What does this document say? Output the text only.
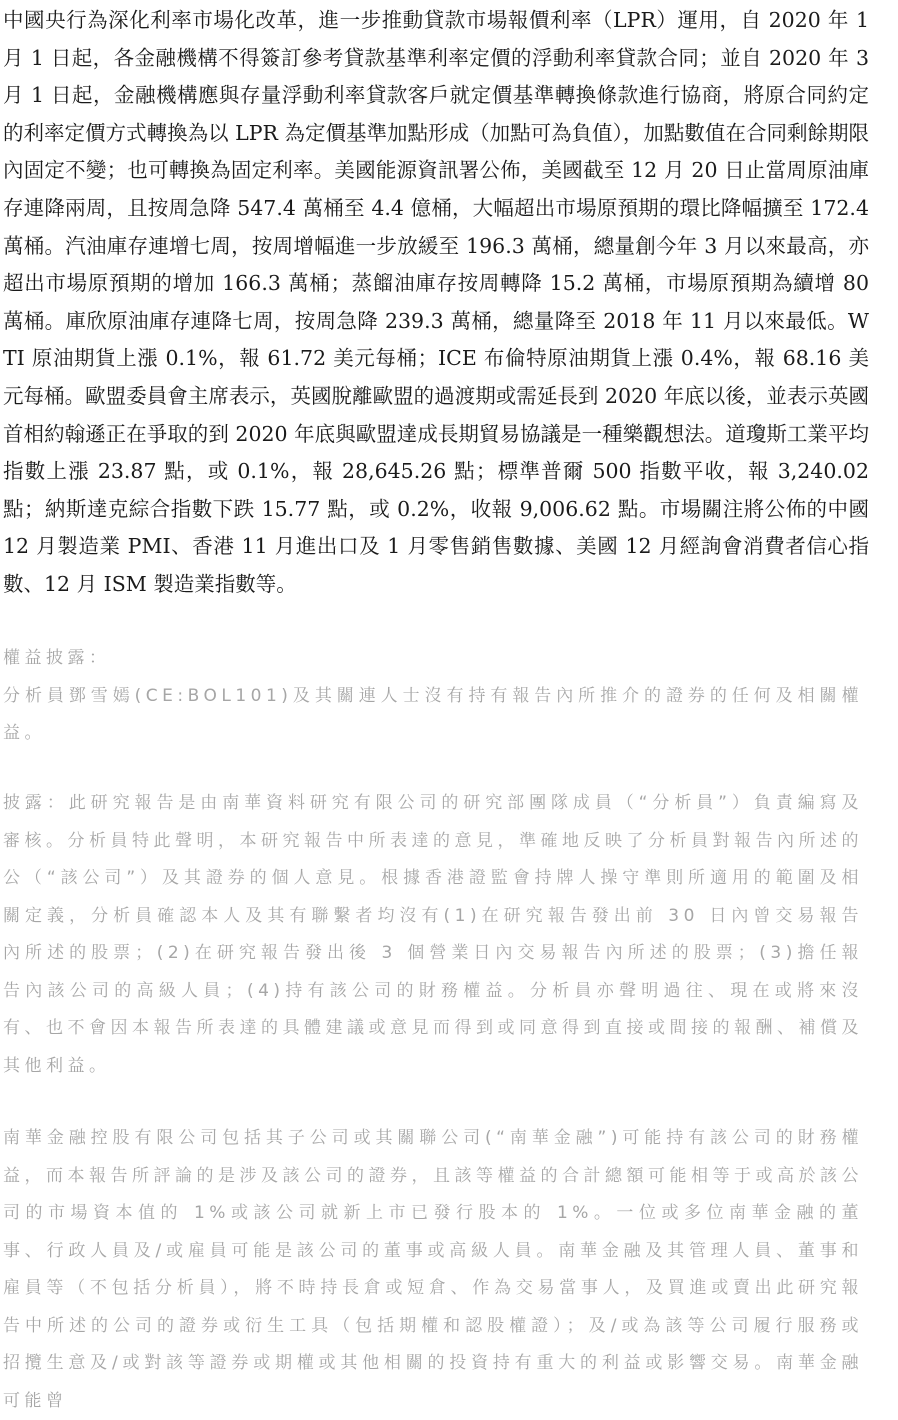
中國央行為深化利率市場化改革，進一步推動貸款市場報價利率（LPR）運用，自 2020 年 1 月 1 日起，各金融機構不得簽訂參考貸款基準利率定價的浮動利率貸款合同；並自 2020 年 3 月 1 日起，金融機構應與存量浮動利率貸款客戶就定價基準轉換條款進行協商，將原合同約定的利率定價方式轉換為以 LPR 為定價基準加點形成（加點可為負值），加點數值在合同剩餘期限內固定不變；也可轉換為固定利率。美國能源資訊署公佈，美國截至 12 月 20 日止當周原油庫存連降兩周，且按周急降 547.4 萬桶至 4.4 億桶，大幅超出市場原預期的環比降幅擴至 172.4 萬桶。汽油庫存連增七周，按周增幅進一步放緩至 196.3 萬桶，總量創今年 3 月以來最高，亦超出市場原預期的增加 166.3 萬桶；蒸餾油庫存按周轉降 15.2 萬桶，市場原預期為續增 80 萬桶。庫欣原油庫存連降七周，按周急降 239.3 萬桶，總量降至 2018 年 11 月以來最低。WTI 原油期貨上漲 0.1%，報 61.72 美元每桶；ICE 布倫特原油期貨上漲 0.4%，報 68.16 美元每桶。歐盟委員會主席表示，英國脫離歐盟的過渡期或需延長到 2020 年底以後，並表示英國首相約翰遜正在爭取的到 2020 年底與歐盟達成長期貿易協議是一種樂觀想法。道瓊斯工業平均指數上漲 23.87 點，或 0.1%，報 28,645.26 點；標準普爾 500 指數平收，報 3,240.02 點；納斯達克綜合指數下跌 15.77 點，或 0.2%，收報 9,006.62 點。市場關注將公佈的中國 12 月製造業 PMI、香港 11 月進出口及 1 月零售銷售數據、美國 12 月經詢會消費者信心指數、12 月 ISM 製造業指數等。

權益披露：
分析員鄧雪嫣(CE:BOL101)及其關連人士沒有持有報告內所推介的證券的任何及相關權益。

披露：此研究報告是由南華資料研究有限公司的研究部團隊成員（“分析員”）負責編寫及審核。分析員特此聲明，本研究報告中所表達的意見，準確地反映了分析員對報告內所述的公（“該公司”）及其證券的個人意見。根據香港證監會持牌人操守準則所適用的範圍及相關定義，分析員確認本人及其有聯繫者均沒有(1)在研究報告發出前 30 日內曾交易報告內所述的股票；(2)在研究報告發出後 3 個營業日內交易報告內所述的股票；(3)擔任報告內該公司的高級人員；(4)持有該公司的財務權益。分析員亦聲明過往、現在或將來沒有、也不會因本報告所表達的具體建議或意見而得到或同意得到直接或間接的報酬、補償及其他利益。

南華金融控股有限公司包括其子公司或其關聯公司(“南華金融”)可能持有該公司的財務權益，而本報告所評論的是涉及該公司的證券，且該等權益的合計總額可能相等于或高於該公司的市場資本值的 1%或該公司就新上市已發行股本的 1%。一位或多位南華金融的董事、行政人員及/或雇員可能是該公司的董事或高級人員。南華金融及其管理人員、董事和雇員等（不包括分析員），將不時持長倉或短倉、作為交易當事人，及買進或賣出此研究報告中所述的公司的證券或衍生工具（包括期權和認股權證）；及/或為該等公司履行服務或招攬生意及/或對該等證券或期權或其他相關的投資持有重大的利益或影響交易。南華金融可能曾
